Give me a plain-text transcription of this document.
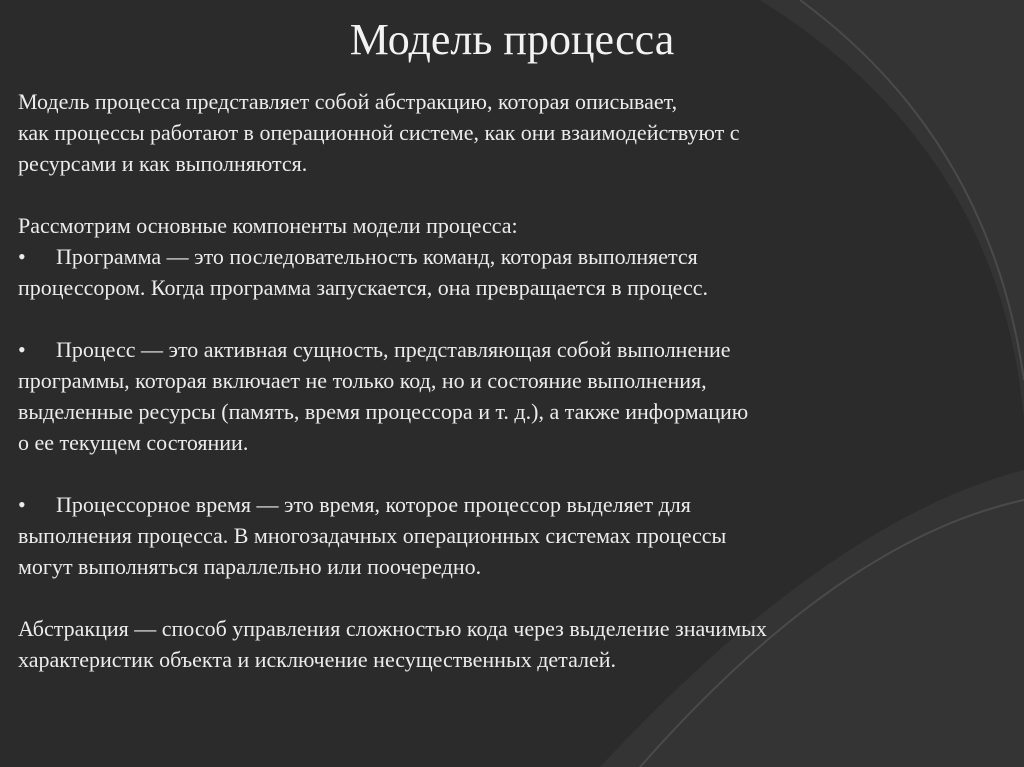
Модель процесса

Модель процесса представляет собой абстракцию, которая описывает,

как процессы работают в операционной системе, как они взаимодействуют с

ресурсами и как выполняются.

Рассмотрим основные компоненты модели процесса:

• Программа — это последовательность команд, которая выполняется

процессором. Когда программа запускается, она превращается в процесс.

• Процесс — это активная сущность, представляющая собой выполнение

программы, которая включает не только код, но и состояние выполнения,

выделенные ресурсы (память, время процессора и т. д.), а также информацию

о ее текущем состоянии.

• Процессорное время — это время, которое процессор выделяет для

выполнения процесса. В многозадачных операционных системах процессы

могут выполняться параллельно или поочередно.

Абстракция — способ управления сложностью кода через выделение значимых

характеристик объекта и исключение несущественных деталей.
